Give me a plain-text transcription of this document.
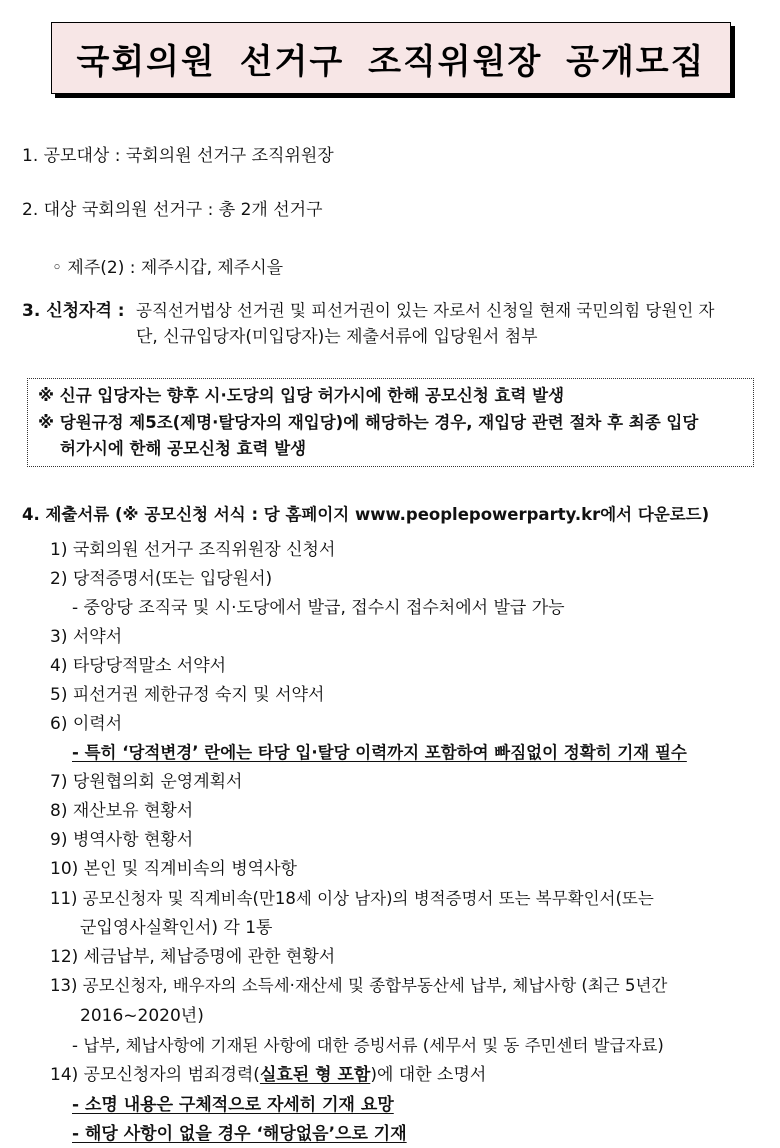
국회의원 선거구 조직위원장 공개모집
1. 공모대상 : 국회의원 선거구 조직위원장
2. 대상 국회의원 선거구 : 총 2개 선거구
◦ 제주(2) : 제주시갑, 제주시을
3. 신청자격 : 공직선거법상 선거권 및 피선거권이 있는 자로서 신청일 현재 국민의힘 당원인 자
단, 신규입당자(미입당자)는 제출서류에 입당원서 첨부
※ 신규 입당자는 향후 시·도당의 입당 허가시에 한해 공모신청 효력 발생
※ 당원규정 제5조(제명·탈당자의 재입당)에 해당하는 경우, 재입당 관련 절차 후 최종 입당
허가시에 한해 공모신청 효력 발생
4. 제출서류 (※ 공모신청 서식 : 당 홈페이지 www.peoplepowerparty.kr에서 다운로드)
1) 국회의원 선거구 조직위원장 신청서
2) 당적증명서(또는 입당원서)
- 중앙당 조직국 및 시·도당에서 발급, 접수시 접수처에서 발급 가능
3) 서약서
4) 타당당적말소 서약서
5) 피선거권 제한규정 숙지 및 서약서
6) 이력서
- 특히 ‘당적변경’ 란에는 타당 입·탈당 이력까지 포함하여 빠짐없이 정확히 기재 필수
7) 당원협의회 운영계획서
8) 재산보유 현황서
9) 병역사항 현황서
10) 본인 및 직계비속의 병역사항
11) 공모신청자 및 직계비속(만18세 이상 남자)의 병적증명서 또는 복무확인서(또는
군입영사실확인서) 각 1통
12) 세금납부, 체납증명에 관한 현황서
13) 공모신청자, 배우자의 소득세·재산세 및 종합부동산세 납부, 체납사항 (최근 5년간
2016~2020년)
- 납부, 체납사항에 기재된 사항에 대한 증빙서류 (세무서 및 동 주민센터 발급자료)
14) 공모신청자의 범죄경력(실효된 형 포함)에 대한 소명서
- 소명 내용은 구체적으로 자세히 기재 요망
- 해당 사항이 없을 경우 ‘해당없음’으로 기재
